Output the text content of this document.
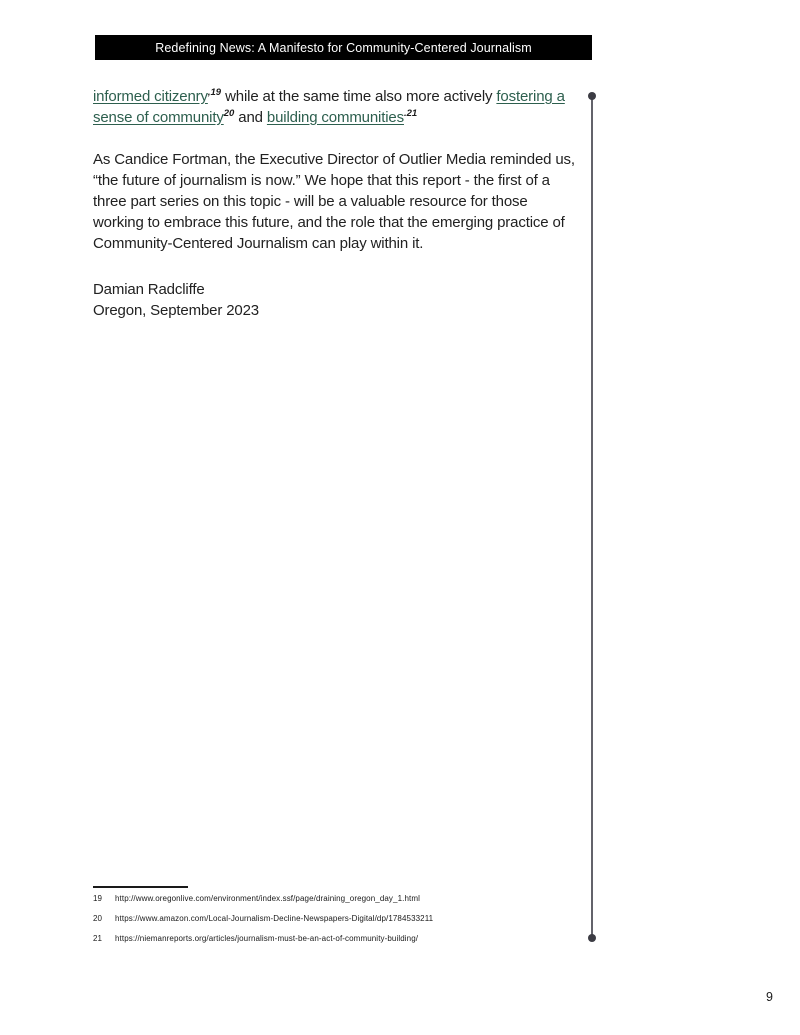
Redefining News: A Manifesto for Community-Centered Journalism

informed citizenry$^{,19}$ while at the same time also more actively fostering a sense of community$^{20}$ and building communities$^{.21}$

As Candice Fortman, the Executive Director of Outlier Media reminded us, “the future of journalism is now.” We hope that this report - the first of a three part series on this topic - will be a valuable resource for those working to embrace this future, and the role that the emerging practice of Community-Centered Journalism can play within it.

Damian Radcliffe
Oregon, September 2023
19	http://www.oregonlive.com/environment/index.ssf/page/draining_oregon_day_1.html
20	https://www.amazon.com/Local-Journalism-Decline-Newspapers-Digital/dp/1784533211
21	https://niemanreports.org/articles/journalism-must-be-an-act-of-community-building/
9
